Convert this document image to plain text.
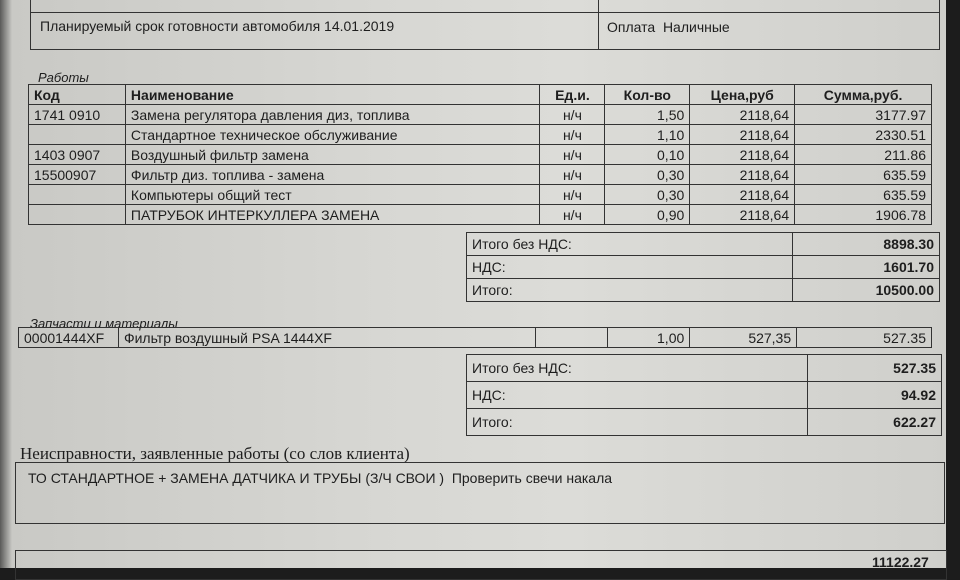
Планируемый срок готовности автомобиля 14.01.2019	Оплата  Наличные
Работы
Код	Наименование	Ед.и.	Кол-во	Цена,руб	Сумма,руб.
1741 0910	Замена регулятора давления диз, топлива	н/ч	1,50	2118,64	3177.97
	Стандартное техническое обслуживание	н/ч	1,10	2118,64	2330.51
1403 0907	Воздушный фильтр замена	н/ч	0,10	2118,64	211.86
15500907	Фильтр диз. топлива - замена	н/ч	0,30	2118,64	635.59
	Компьютеры общий тест	н/ч	0,30	2118,64	635.59
	ПАТРУБОК ИНТЕРКУЛЛЕРА ЗАМЕНА	н/ч	0,90	2118,64	1906.78
Итого без НДС:	8898.30
НДС:	1601.70
Итого:	10500.00
Запчасти и материалы
00001444XF	Фильтр воздушный PSA 1444XF		1,00	527,35	527.35
Итого без НДС:	527.35
НДС:	94.92
Итого:	622.27
Неисправности, заявленные работы (со слов клиента)
ТО СТАНДАРТНОЕ + ЗАМЕНА ДАТЧИКА И ТРУБЫ (З/Ч СВОИ )  Проверить свечи накала
11122.27
